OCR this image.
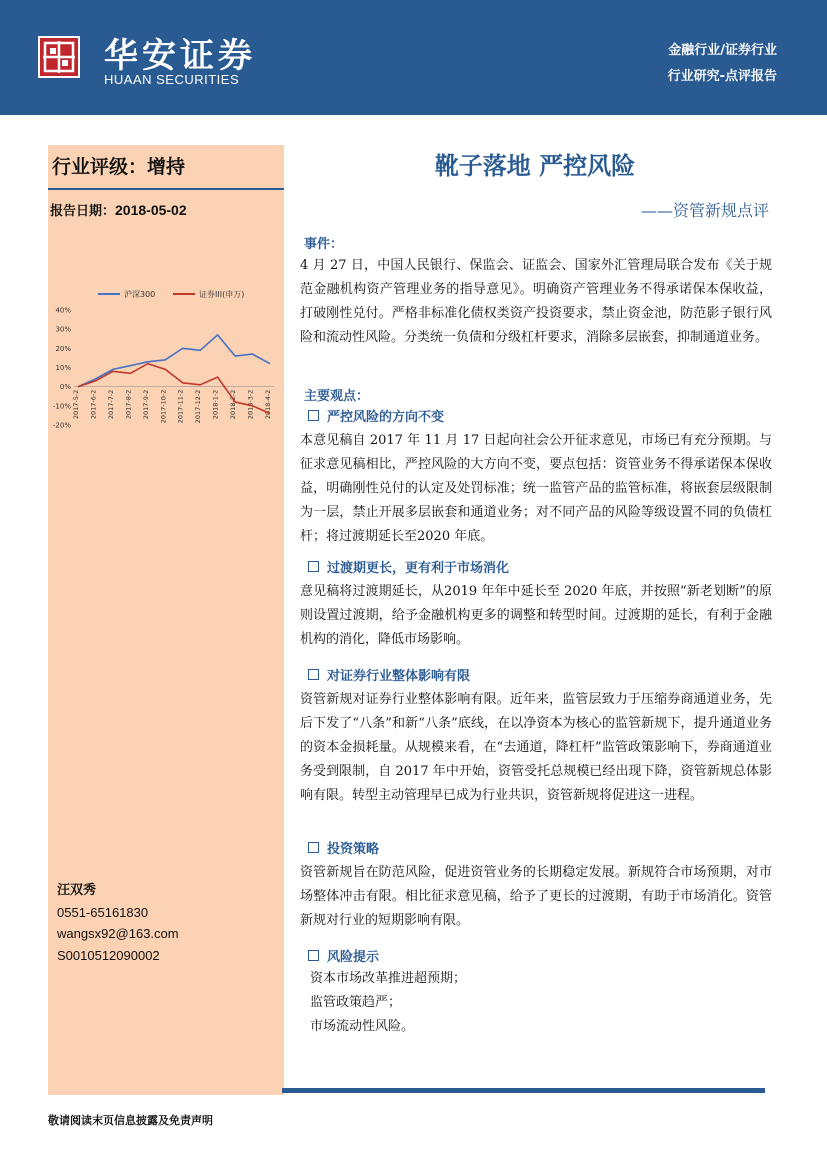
华安证券
HUAAN SECURITIES
金融行业/证券行业
行业研究-点评报告
行业评级：增持
报告日期：2018-05-02
沪深300	证券III(申万)
40%
30%
20%
10%
0%
-10%
-20%
2017-5-2 2017-6-2 2017-7-2 2017-8-2 2017-9-2 2017-10-2 2017-11-2 2017-12-2 2018-1-2 2018-2-2 2018-3-2 2018-4-2
汪双秀
0551-65161830
wangsx92@163.com
S0010512090002
靴子落地 严控风险
——资管新规点评
事件：
4 月 27 日，中国人民银行、保监会、证监会、国家外汇管理局联合发布《关于规范金融机构资产管理业务的指导意见》。明确资产管理业务不得承诺保本保收益，打破刚性兑付。严格非标准化债权类资产投资要求，禁止资金池，防范影子银行风险和流动性风险。分类统一负债和分级杠杆要求，消除多层嵌套，抑制通道业务。
主要观点：
严控风险的方向不变
本意见稿自 2017 年 11 月 17 日起向社会公开征求意见，市场已有充分预期。与征求意见稿相比，严控风险的大方向不变，要点包括：资管业务不得承诺保本保收益，明确刚性兑付的认定及处罚标准；统一监管产品的监管标准，将嵌套层级限制为一层，禁止开展多层嵌套和通道业务；对不同产品的风险等级设置不同的负债杠杆；将过渡期延长至2020 年底。
过渡期更长，更有利于市场消化
意见稿将过渡期延长，从2019 年年中延长至 2020 年底，并按照“新老划断”的原则设置过渡期，给予金融机构更多的调整和转型时间。过渡期的延长，有利于金融机构的消化，降低市场影响。
对证券行业整体影响有限
资管新规对证券行业整体影响有限。近年来，监管层致力于压缩券商通道业务，先后下发了“八条”和新“八条”底线，在以净资本为核心的监管新规下，提升通道业务的资本金损耗量。从规模来看，在“去通道，降杠杆”监管政策影响下，券商通道业务受到限制，自 2017 年中开始，资管受托总规模已经出现下降，资管新规总体影响有限。转型主动管理早已成为行业共识，资管新规将促进这一进程。
投资策略
资管新规旨在防范风险，促进资管业务的长期稳定发展。新规符合市场预期，对市场整体冲击有限。相比征求意见稿，给予了更长的过渡期，有助于市场消化。资管新规对行业的短期影响有限。
风险提示
资本市场改革推进超预期；
监管政策趋严；
市场流动性风险。
敬请阅读末页信息披露及免责声明
